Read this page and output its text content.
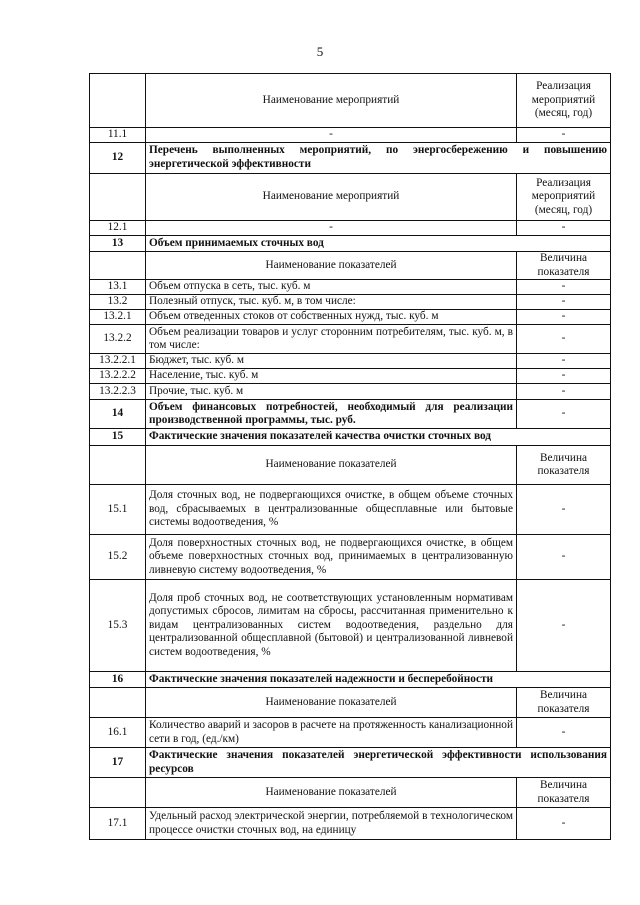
5
	Наименование мероприятий	Реализация мероприятий (месяц, год)
11.1	-	-
12	Перечень выполненных мероприятий, по энергосбережению и повышению энергетической эффективности	
	Наименование мероприятий	Реализация мероприятий (месяц, год)
12.1	-	-
13	Объем принимаемых сточных вод	
	Наименование показателей	Величина показателя
13.1	Объем отпуска в сеть, тыс. куб. м	-
13.2	Полезный отпуск, тыс. куб. м, в том числе:	-
13.2.1	Объем отведенных стоков от собственных нужд, тыс. куб. м	-
13.2.2	Объем реализации товаров и услуг сторонним потребителям, тыс. куб. м, в том числе:	-
13.2.2.1	Бюджет, тыс. куб. м	-
13.2.2.2	Население, тыс. куб. м	-
13.2.2.3	Прочие, тыс. куб. м	-
14	Объем финансовых потребностей, необходимый для реализации производственной программы, тыс. руб.	-
15	Фактические значения показателей качества очистки сточных вод	
	Наименование показателей	Величина показателя
15.1	Доля сточных вод, не подвергающихся очистке, в общем объеме сточных вод, сбрасываемых в централизованные общесплавные или бытовые системы водоотведения, %	-
15.2	Доля поверхностных сточных вод, не подвергающихся очистке, в общем объеме поверхностных сточных вод, принимаемых в централизованную ливневую систему водоотведения, %	-
15.3	Доля проб сточных вод, не соответствующих установленным нормативам допустимых сбросов, лимитам на сбросы, рассчитанная применительно к видам централизованных систем водоотведения, раздельно для централизованной общесплавной (бытовой) и централизованной ливневой систем водоотведения, %	-
16	Фактические значения показателей надежности и бесперебойности	
	Наименование показателей	Величина показателя
16.1	Количество аварий и засоров в расчете на протяженность канализационной сети в год, (ед./км)	-
17	Фактические значения показателей энергетической эффективности использования ресурсов	
	Наименование показателей	Величина показателя
17.1	Удельный расход электрической энергии, потребляемой в технологическом процессе очистки сточных вод, на единицу	-
